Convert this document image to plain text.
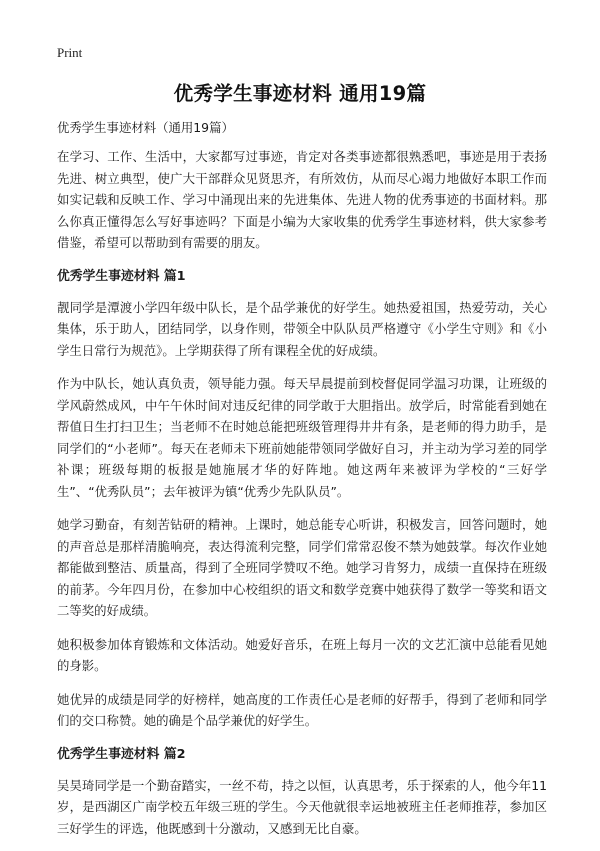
Print
优秀学生事迹材料 通用19篇

优秀学生事迹材料（通用19篇）

在学习、工作、生活中，大家都写过事迹，肯定对各类事迹都很熟悉吧，事迹是用于表扬先进、树立典型，使广大干部群众见贤思齐，有所效仿，从而尽心竭力地做好本职工作而如实记载和反映工作、学习中涌现出来的先进集体、先进人物的优秀事迹的书面材料。那么你真正懂得怎么写好事迹吗？下面是小编为大家收集的优秀学生事迹材料，供大家参考借鉴，希望可以帮助到有需要的朋友。

优秀学生事迹材料 篇1

靓同学是潭渡小学四年级中队长，是个品学兼优的好学生。她热爱祖国，热爱劳动，关心集体，乐于助人，团结同学，以身作则，带领全中队队员严格遵守《小学生守则》和《小学生日常行为规范》。上学期获得了所有课程全优的好成绩。

作为中队长，她认真负责，领导能力强。每天早晨提前到校督促同学温习功课，让班级的学风蔚然成风，中午午休时间对违反纪律的同学敢于大胆指出。放学后，时常能看到她在帮值日生打扫卫生；当老师不在时她总能把班级管理得井井有条，是老师的得力助手，是同学们的“小老师”。每天在老师未下班前她能带领同学做好自习，并主动为学习差的同学补课；班级每期的板报是她施展才华的好阵地。她这两年来被评为学校的“三好学生”、“优秀队员”；去年被评为镇“优秀少先队队员”。

她学习勤奋，有刻苦钻研的精神。上课时，她总能专心听讲，积极发言，回答问题时，她的声音总是那样清脆响亮，表达得流利完整，同学们常常忍俊不禁为她鼓掌。每次作业她都能做到整洁、质量高，得到了全班同学赞叹不绝。她学习肯努力，成绩一直保持在班级的前茅。今年四月份，在参加中心校组织的语文和数学竞赛中她获得了数学一等奖和语文二等奖的好成绩。

她积极参加体育锻炼和文体活动。她爱好音乐，在班上每月一次的文艺汇演中总能看见她的身影。

她优异的成绩是同学的好榜样，她高度的工作责任心是老师的好帮手，得到了老师和同学们的交口称赞。她的确是个品学兼优的好学生。

优秀学生事迹材料 篇2

吴昊琦同学是一个勤奋踏实，一丝不苟，持之以恒，认真思考，乐于探索的人，他今年11岁，是西湖区广南学校五年级三班的学生。今天他就很幸运地被班主任老师推荐，参加区三好学生的评选，他既感到十分激动，又感到无比自豪。
